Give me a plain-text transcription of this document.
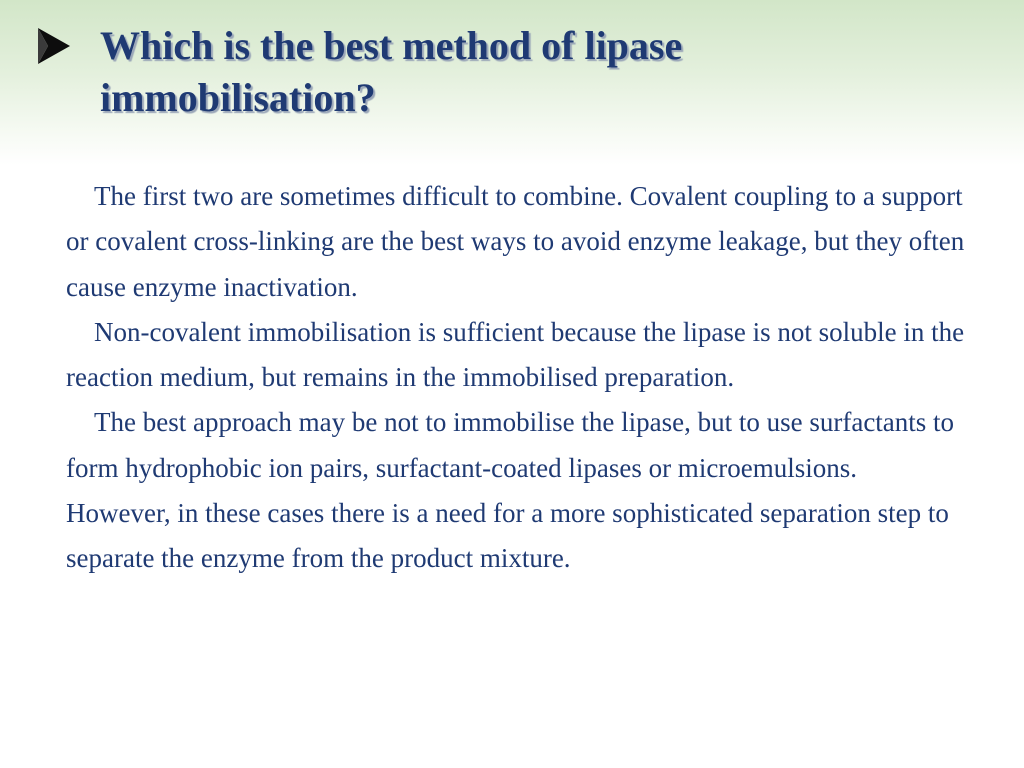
Which is the best method of lipase immobilisation?

The first two are sometimes difficult to combine. Covalent coupling to a support or covalent cross-linking are the best ways to avoid enzyme leakage, but they often cause enzyme inactivation.

Non-covalent immobilisation is sufficient because the lipase is not soluble in the reaction medium, but remains in the immobilised preparation.

The best approach may be not to immobilise the lipase, but to use surfactants to form hydrophobic ion pairs, surfactant-coated lipases or microemulsions. However, in these cases there is a need for a more sophisticated separation step to separate the enzyme from the product mixture.
